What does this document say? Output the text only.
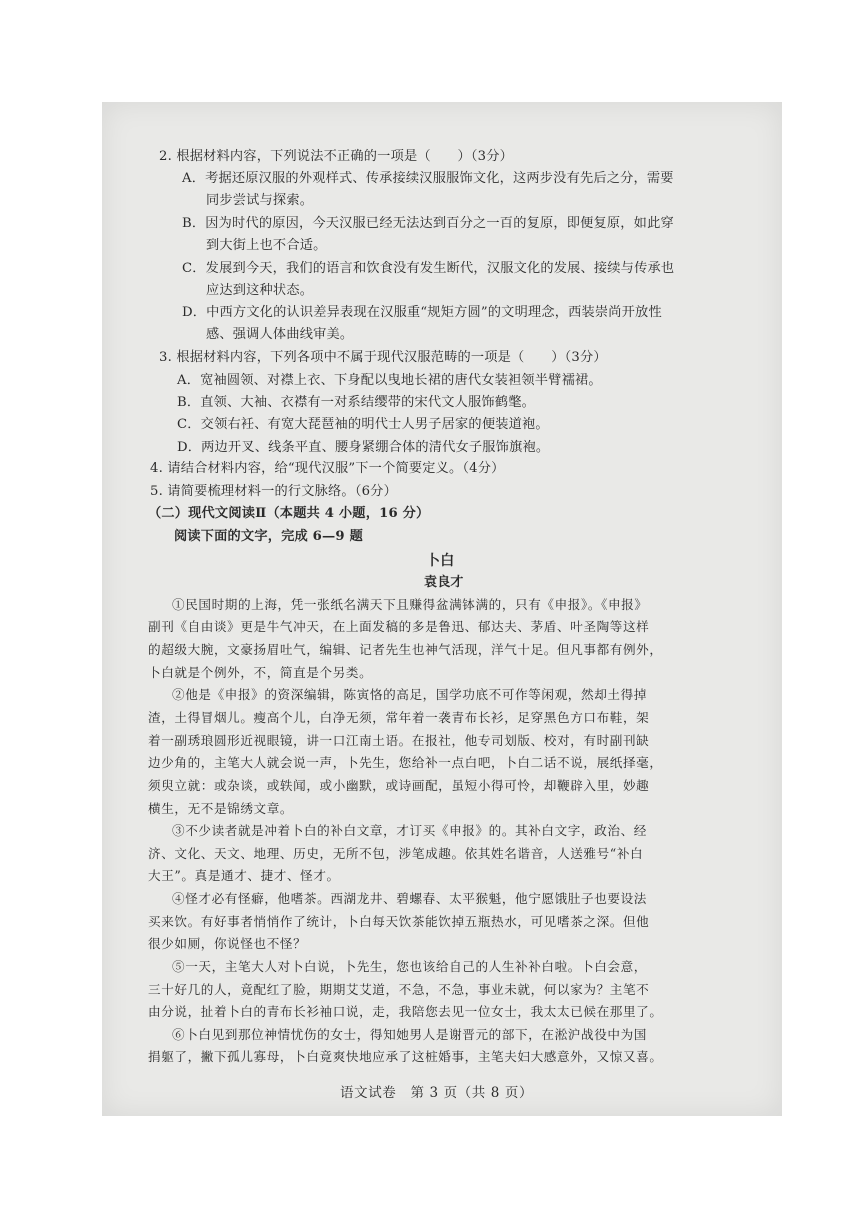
2. 根据材料内容，下列说法不正确的一项是（　　）（3分）
A．考据还原汉服的外观样式、传承接续汉服服饰文化，这两步没有先后之分，需要
同步尝试与探索。
B．因为时代的原因，今天汉服已经无法达到百分之一百的复原，即便复原，如此穿
到大街上也不合适。
C．发展到今天，我们的语言和饮食没有发生断代，汉服文化的发展、接续与传承也
应达到这种状态。
D．中西方文化的认识差异表现在汉服重“规矩方圆”的文明理念，西装崇尚开放性
感、强调人体曲线审美。
3. 根据材料内容，下列各项中不属于现代汉服范畴的一项是（　　）（3分）
A．宽袖圆领、对襟上衣、下身配以曳地长裙的唐代女装袒领半臂襦裙。
B．直领、大袖、衣襟有一对系结缨带的宋代文人服饰鹤氅。
C．交领右衽、有宽大琵琶袖的明代士人男子居家的便装道袍。
D．两边开叉、线条平直、腰身紧绷合体的清代女子服饰旗袍。
4. 请结合材料内容，给“现代汉服”下一个简要定义。（4分）
5. 请简要梳理材料一的行文脉络。（6分）
（二）现代文阅读Ⅱ（本题共 4 小题，16 分）
阅读下面的文字，完成 6—9 题
卜白
袁良才
①民国时期的上海，凭一张纸名满天下且赚得盆满钵满的，只有《申报》。《申报》
副刊《自由谈》更是牛气冲天，在上面发稿的多是鲁迅、郁达夫、茅盾、叶圣陶等这样
的超级大腕，文豪扬眉吐气，编辑、记者先生也神气活现，洋气十足。但凡事都有例外，
卜白就是个例外，不，简直是个另类。
②他是《申报》的资深编辑，陈寅恪的高足，国学功底不可作等闲观，然却土得掉
渣，土得冒烟儿。瘦高个儿，白净无须，常年着一袭青布长衫，足穿黑色方口布鞋，架
着一副琇琅圆形近视眼镜，讲一口江南土语。在报社，他专司划版、校对，有时副刊缺
边少角的，主笔大人就会说一声，卜先生，您给补一点白吧，卜白二话不说，展纸择毫，
须臾立就：或杂谈，或轶闻，或小幽默，或诗画配，虽短小得可怜，却鞭辟入里，妙趣
横生，无不是锦绣文章。
③不少读者就是冲着卜白的补白文章，才订买《申报》的。其补白文字，政治、经
济、文化、天文、地理、历史，无所不包，涉笔成趣。依其姓名谐音，人送雅号“补白
大王”。真是通才、捷才、怪才。
④怪才必有怪癖，他嗜茶。西湖龙井、碧螺春、太平猴魁，他宁愿饿肚子也要设法
买来饮。有好事者悄悄作了统计，卜白每天饮茶能饮掉五瓶热水，可见嗜茶之深。但他
很少如厕，你说怪也不怪？
⑤一天，主笔大人对卜白说，卜先生，您也该给自己的人生补补白啦。卜白会意，
三十好几的人，竟配红了脸，期期艾艾道，不急，不急，事业未就，何以家为？主笔不
由分说，扯着卜白的青布长衫袖口说，走，我陪您去见一位女士，我太太已候在那里了。
⑥卜白见到那位神情忧伤的女士，得知她男人是谢晋元的部下，在淞沪战役中为国
捐躯了，撇下孤儿寡母，卜白竟爽快地应承了这桩婚事，主笔夫妇大感意外，又惊又喜。
语文试卷　第 3 页（共 8 页）
